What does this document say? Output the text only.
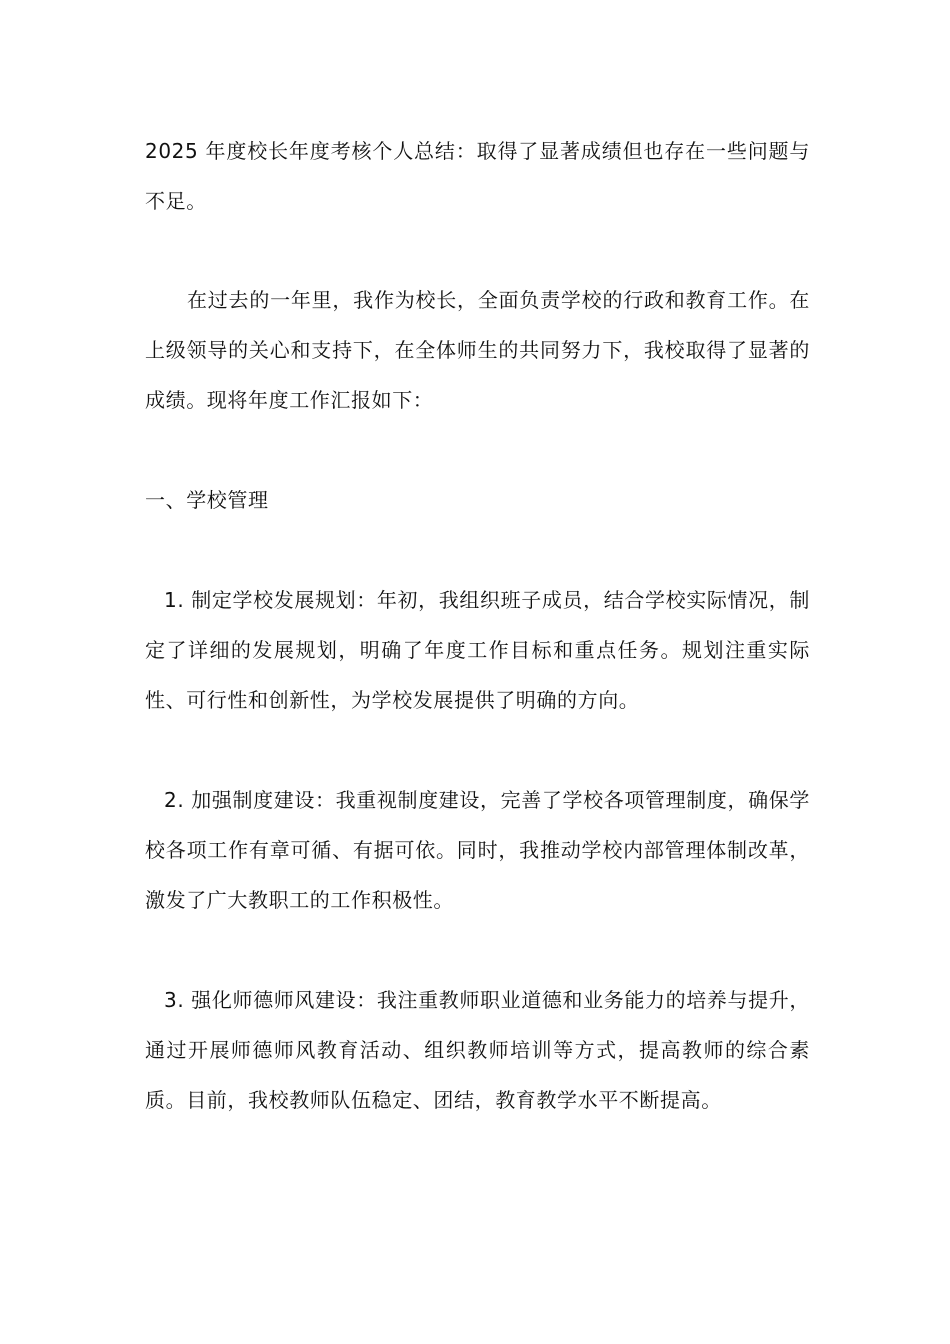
2025 年度校长年度考核个人总结：取得了显著成绩但也存在一些问题与不足。

在过去的一年里，我作为校长，全面负责学校的行政和教育工作。在上级领导的关心和支持下，在全体师生的共同努力下，我校取得了显著的成绩。现将年度工作汇报如下：

一、学校管理

1. 制定学校发展规划：年初，我组织班子成员，结合学校实际情况，制定了详细的发展规划，明确了年度工作目标和重点任务。规划注重实际性、可行性和创新性，为学校发展提供了明确的方向。

2. 加强制度建设：我重视制度建设，完善了学校各项管理制度，确保学校各项工作有章可循、有据可依。同时，我推动学校内部管理体制改革，激发了广大教职工的工作积极性。

3. 强化师德师风建设：我注重教师职业道德和业务能力的培养与提升，通过开展师德师风教育活动、组织教师培训等方式，提高教师的综合素质。目前，我校教师队伍稳定、团结，教育教学水平不断提高。
